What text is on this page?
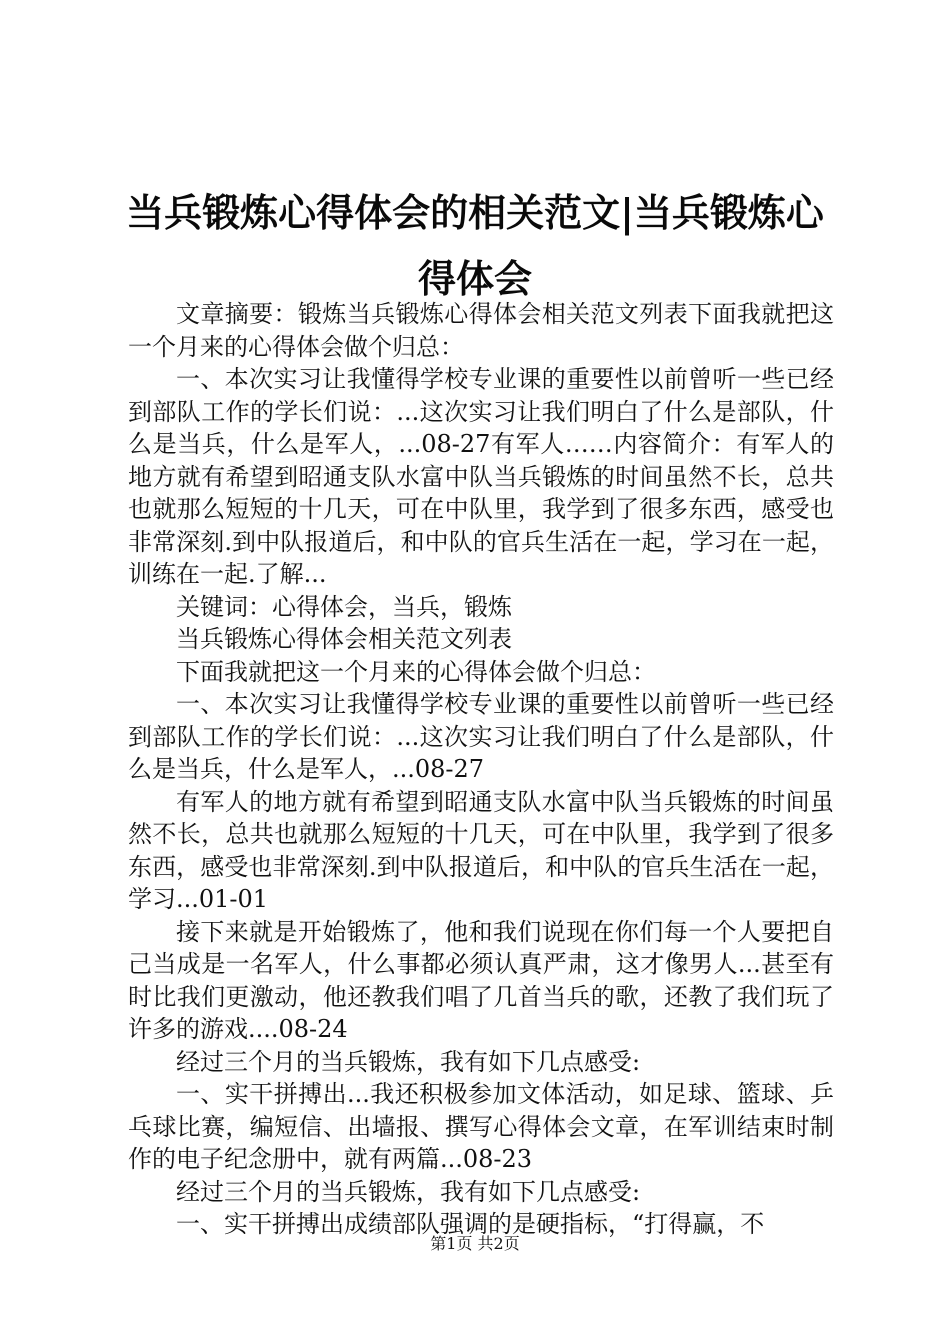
当兵锻炼心得体会的相关范文|当兵锻炼心得体会

文章摘要：锻炼当兵锻炼心得体会相关范文列表下面我就把这一个月来的心得体会做个归总：

一、本次实习让我懂得学校专业课的重要性以前曾听一些已经到部队工作的学长们说：...这次实习让我们明白了什么是部队，什么是当兵，什么是军人，...08-27有军人……内容简介：有军人的地方就有希望到昭通支队水富中队当兵锻炼的时间虽然不长，总共也就那么短短的十几天，可在中队里，我学到了很多东西，感受也非常深刻.到中队报道后，和中队的官兵生活在一起，学习在一起，训练在一起.了解...

关键词：心得体会，当兵，锻炼

当兵锻炼心得体会相关范文列表

下面我就把这一个月来的心得体会做个归总：

一、本次实习让我懂得学校专业课的重要性以前曾听一些已经到部队工作的学长们说：...这次实习让我们明白了什么是部队，什么是当兵，什么是军人，...08-27

有军人的地方就有希望到昭通支队水富中队当兵锻炼的时间虽然不长，总共也就那么短短的十几天，可在中队里，我学到了很多东西，感受也非常深刻.到中队报道后，和中队的官兵生活在一起，学习...01-01

接下来就是开始锻炼了，他和我们说现在你们每一个人要把自己当成是一名军人，什么事都必须认真严肃，这才像男人...甚至有时比我们更激动，他还教我们唱了几首当兵的歌，还教了我们玩了许多的游戏....08-24

经过三个月的当兵锻炼，我有如下几点感受:

一、实干拼搏出...我还积极参加文体活动，如足球、篮球、乒乓球比赛，编短信、出墙报、撰写心得体会文章，在军训结束时制作的电子纪念册中，就有两篇...08-23

经过三个月的当兵锻炼，我有如下几点感受:

一、实干拼搏出成绩部队强调的是硬指标，“打得赢，不

第1页 共2页
